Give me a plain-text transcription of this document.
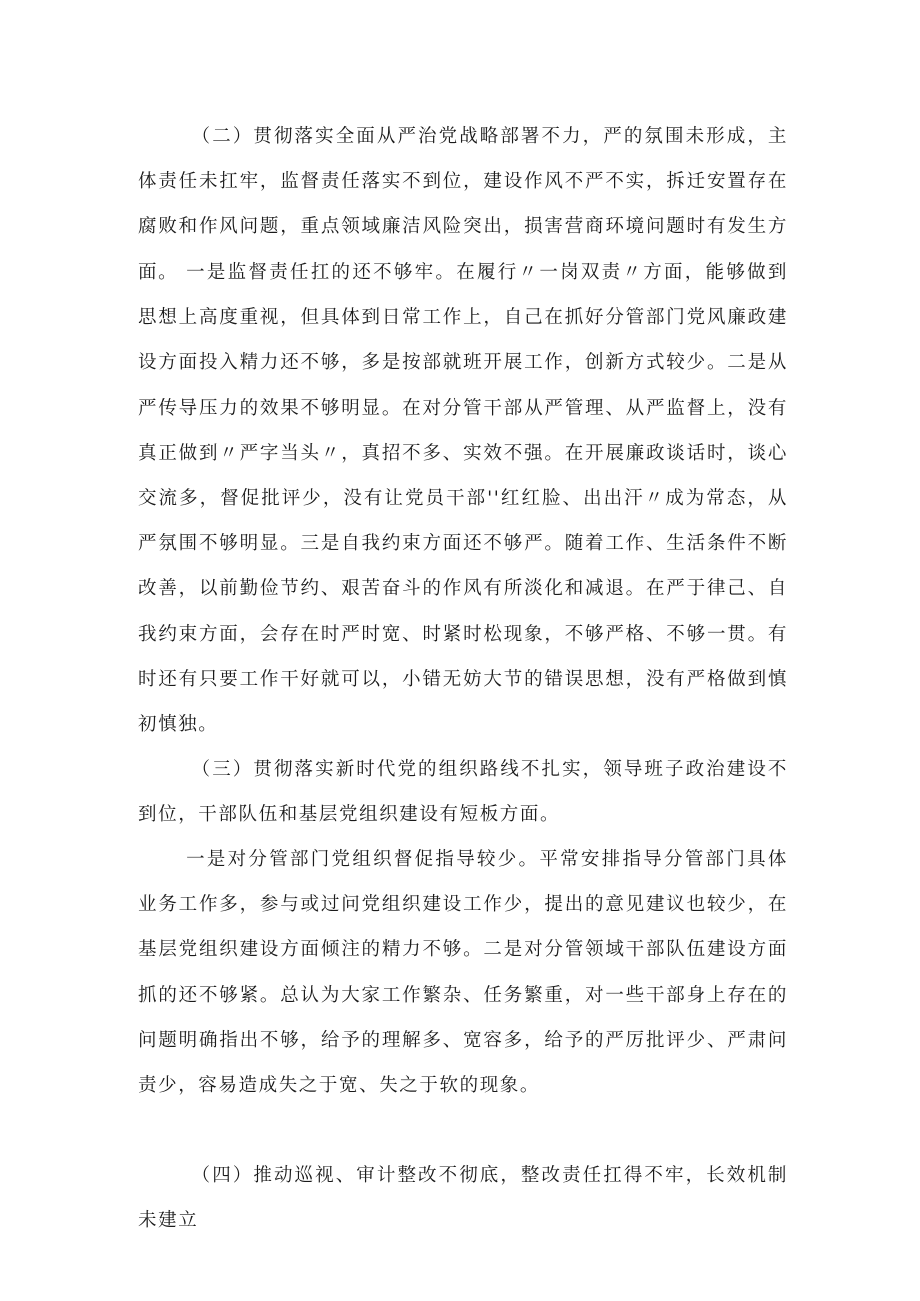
（二）贯彻落实全面从严治党战略部署不力，严的氛围未形成，主体责任未扛牢，监督责任落实不到位，建设作风不严不实，拆迁安置存在腐败和作风问题，重点领域廉洁风险突出，损害营商环境问题时有发生方面。 一是监督责任扛的还不够牢。在履行〃一岗双责〃方面，能够做到思想上高度重视，但具体到日常工作上，自己在抓好分管部门党风廉政建设方面投入精力还不够，多是按部就班开展工作，创新方式较少。二是从严传导压力的效果不够明显。在对分管干部从严管理、从严监督上，没有真正做到〃严字当头〃，真招不多、实效不强。在开展廉政谈话时，谈心交流多，督促批评少，没有让党员干部''红红脸、出出汗〃成为常态，从严氛围不够明显。三是自我约束方面还不够严。随着工作、生活条件不断改善，以前勤俭节约、艰苦奋斗的作风有所淡化和减退。在严于律己、自我约束方面，会存在时严时宽、时紧时松现象，不够严格、不够一贯。有时还有只要工作干好就可以，小错无妨大节的错误思想，没有严格做到慎初慎独。

（三）贯彻落实新时代党的组织路线不扎实，领导班子政治建设不到位，干部队伍和基层党组织建设有短板方面。

一是对分管部门党组织督促指导较少。平常安排指导分管部门具体业务工作多，参与或过问党组织建设工作少，提出的意见建议也较少，在基层党组织建设方面倾注的精力不够。二是对分管领域干部队伍建设方面抓的还不够紧。总认为大家工作繁杂、任务繁重，对一些干部身上存在的问题明确指出不够，给予的理解多、宽容多，给予的严厉批评少、严肃问责少，容易造成失之于宽、失之于软的现象。

（四）推动巡视、审计整改不彻底，整改责任扛得不牢，长效机制未建立
